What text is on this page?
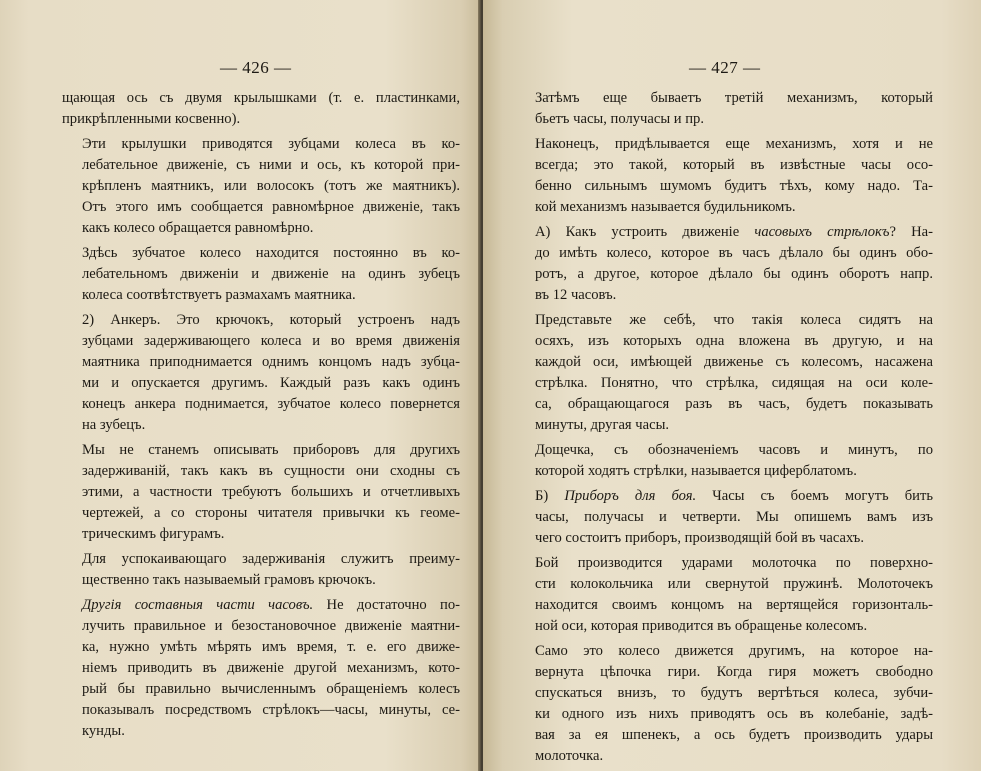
— 426 —
щающая ось съ двумя крылышками (т. е. пластинками,
прикрѣпленными косвенно).
Эти крылушки приводятся зубцами колеса въ ко-
лебательное движеніе, съ ними и ось, къ которой при-
крѣпленъ маятникъ, или волосокъ (тотъ же маятникъ).
Отъ этого имъ сообщается равномѣрное движеніе, такъ
какъ колесо обращается равномѣрно.
Здѣсь зубчатое колесо находится постоянно въ ко-
лебательномъ движеніи и движеніе на одинъ зубецъ
колеса соотвѣтствуетъ размахамъ маятника.
2) Анкеръ. Это крючокъ, который устроенъ надъ
зубцами задерживающего колеса и во время движенія
маятника приподнимается однимъ концомъ надъ зубца-
ми и опускается другимъ. Каждый разъ какъ одинъ
конецъ анкера поднимается, зубчатое колесо повернется
на зубецъ.
Мы не станемъ описывать приборовъ для другихъ
задерживаній, такъ какъ въ сущности они сходны съ
этими, а частности требуютъ большихъ и отчетливыхъ
чертежей, а со стороны читателя привычки къ геоме-
трическимъ фигурамъ.
Для успокаивающаго задерживанія служитъ преиму-
щественно такъ называемый грамовъ крючокъ.
Другія составныя части часовъ. Не достаточно по-
лучить правильное и безостановочное движеніе маятни-
ка, нужно умѣть мѣрять имъ время, т. е. его движе-
ніемъ приводить въ движеніе другой механизмъ, кото-
рый бы правильно вычисленнымъ обращеніемъ колесъ
показывалъ посредствомъ стрѣлокъ—часы, минуты, се-
кунды.
— 427 —
Затѣмъ еще бываетъ третій механизмъ, который
бьетъ часы, получасы и пр.
Наконецъ, придѣлывается еще механизмъ, хотя и не
всегда; это такой, который въ извѣстные часы осо-
бенно сильнымъ шумомъ будитъ тѣхъ, кому надо. Та-
кой механизмъ называется будильникомъ.
А) Какъ устроить движеніе часовыхъ стрѣлокъ? На-
до имѣть колесо, которое въ часъ дѣлало бы одинъ обо-
ротъ, а другое, которое дѣлало бы одинъ оборотъ напр.
въ 12 часовъ.
Представьте же себѣ, что такія колеса сидятъ на
осяхъ, изъ которыхъ одна вложена въ другую, и на
каждой оси, имѣющей движенье съ колесомъ, насажена
стрѣлка. Понятно, что стрѣлка, сидящая на оси коле-
са, обращающагося разъ въ часъ, будетъ показывать
минуты, другая часы.
Дощечка, съ обозначеніемъ часовъ и минутъ, по
которой ходятъ стрѣлки, называется циферблатомъ.
Б) Приборъ для боя. Часы съ боемъ могутъ бить
часы, получасы и четверти. Мы опишемъ вамъ изъ
чего состоитъ приборъ, производящій бой въ часахъ.
Бой производится ударами молоточка по поверхно-
сти колокольчика или свернутой пружинѣ. Молоточекъ
находится своимъ концомъ на вертящейся горизонталь-
ной оси, которая приводится въ обращенье колесомъ.
Само это колесо движется другимъ, на которое на-
вернута цѣпочка гири. Когда гиря можетъ свободно
спускаться внизъ, то будутъ вертѣться колеса, зубчи-
ки одного изъ нихъ приводятъ ось въ колебаніе, задѣ-
вая за ея шпенекъ, а ось будетъ производить удары
молоточка.
